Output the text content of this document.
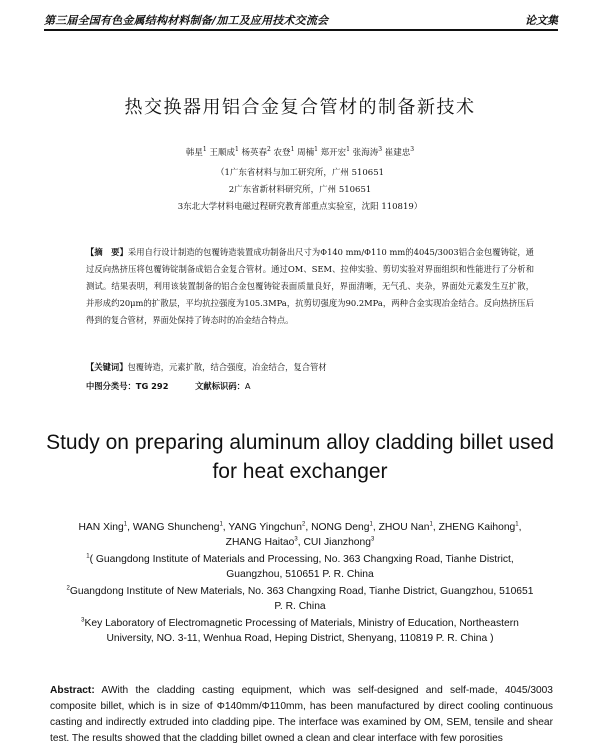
第三届全国有色金属结构材料制备/加工及应用技术交流会	论文集
热交换器用铝合金复合管材的制备新技术
韩星$^1$ 王顺成$^1$ 杨英春$^2$ 农登$^1$ 周楠$^1$ 郑开宏$^1$ 张海涛$^3$ 崔建忠$^3$
（1广东省材料与加工研究所，广州 510651
2广东省新材料研究所，广州 510651
3东北大学材料电磁过程研究教育部重点实验室，沈阳 110819）
【摘　要】采用自行设计制造的包覆铸造装置成功制备出尺寸为Φ140 mm/Φ110 mm的4045/3003铝合金包覆铸锭，通过反向热挤压将包覆铸锭制备成铝合金复合管材。通过OM、SEM、拉伸实验、剪切实验对界面组织和性能进行了分析和测试。结果表明，利用该装置制备的铝合金包覆铸锭表面质量良好，界面清晰，无气孔、夹杂，界面处元素发生互扩散，并形成约20μm的扩散层，平均抗拉强度为105.3MPa，抗剪切强度为90.2MPa，两种合金实现冶金结合。反向热挤压后得到的复合管材，界面处保持了铸态时的冶金结合特点。
【关键词】包覆铸造，元素扩散，结合强度，冶金结合，复合管材
中图分类号：TG 292	文献标识码：A
Study on preparing aluminum alloy cladding billet used
for heat exchanger
HAN Xing$^1$, WANG Shuncheng$^1$, YANG Yingchun$^2$, NONG Deng$^1$, ZHOU Nan$^1$, ZHENG Kaihong$^1$, ZHANG Haitao$^3$, CUI Jianzhong$^3$
$^1$( Guangdong Institute of Materials and Processing, No. 363 Changxing Road, Tianhe District, Guangzhou, 510651 P. R. China
$^2$Guangdong Institute of New Materials, No. 363 Changxing Road, Tianhe District, Guangzhou, 510651 P. R. China
$^3$Key Laboratory of Electromagnetic Processing of Materials, Ministry of Education, Northeastern University, NO. 3-11, Wenhua Road, Heping District, Shenyang, 110819 P. R. China )
Abstract: AWith the cladding casting equipment, which was self-designed and self-made, 4045/3003 composite billet, which is in size of Φ140mm/Φ110mm, has been manufactured by direct cooling continuous casting and indirectly extruded into cladding pipe. The interface was examined by OM, SEM, tensile and shear test. The results showed that the cladding billet owned a clean and clear interface with few porosities
